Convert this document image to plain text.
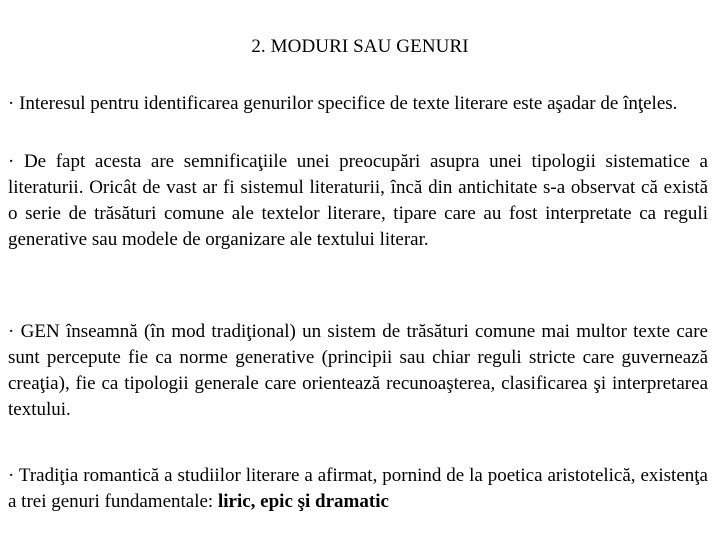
2. MODURI SAU GENURI

· Interesul pentru identificarea genurilor specifice de texte literare este aşadar de înţeles.

· De fapt acesta are semnificaţiile unei preocupări asupra unei tipologii sistematice a literaturii. Oricât de vast ar fi sistemul literaturii, încă din antichitate s-a observat că există o serie de trăsături comune ale textelor literare, tipare care au fost interpretate ca reguli generative sau modele de organizare ale textului literar.

· GEN înseamnă (în mod tradiţional) un sistem de trăsături comune mai multor texte care sunt percepute fie ca norme generative (principii sau chiar reguli stricte care guvernează creaţia), fie ca tipologii generale care orientează recunoaşterea, clasificarea şi interpretarea textului.

· Tradiţia romantică a studiilor literare a afirmat, pornind de la poetica aristotelică, existenţa a trei genuri fundamentale: liric, epic şi dramatic
